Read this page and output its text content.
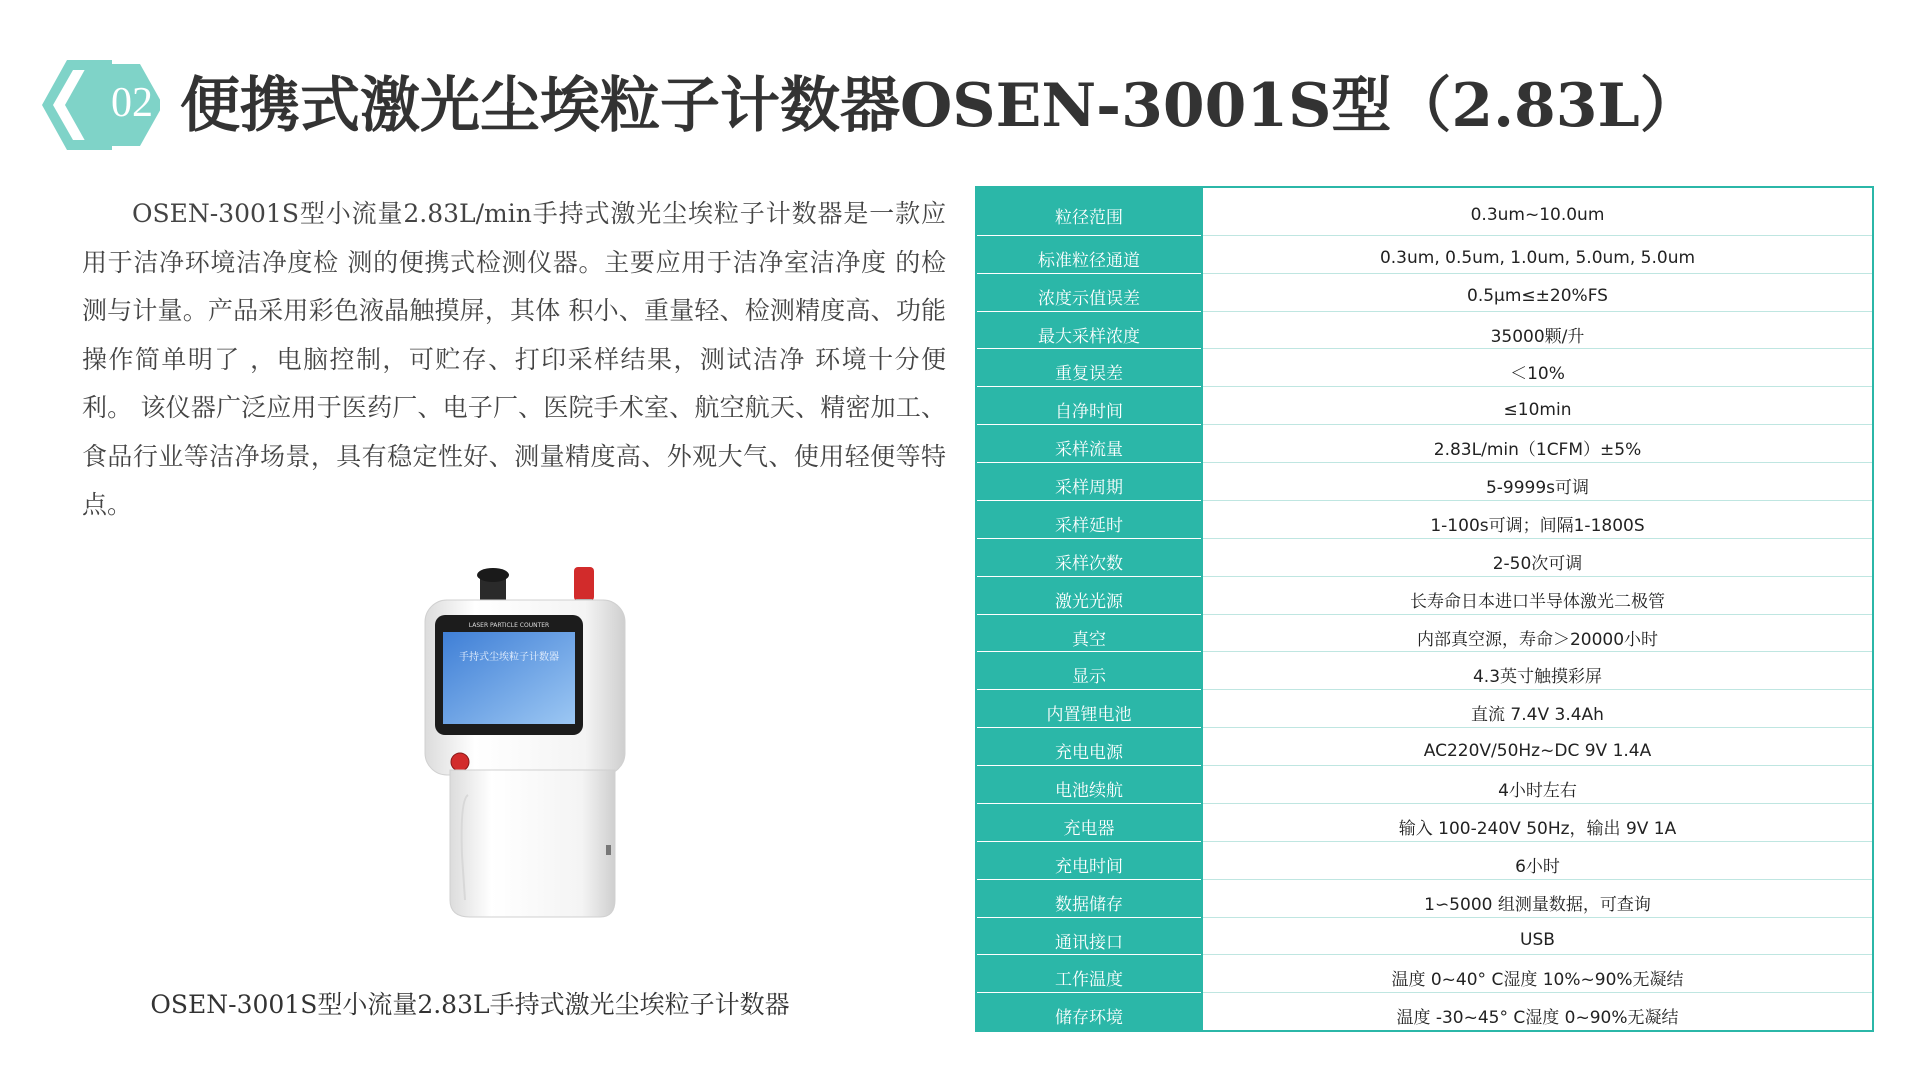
02 便携式激光尘埃粒子计数器OSEN-3001S型（2.83L）

OSEN-3001S型小流量2.83L/min手持式激光尘埃粒子计数器是一款应用于洁净环境洁净度检 测的便携式检测仪器。主要应用于洁净室洁净度 的检测与计量。产品采用彩色液晶触摸屏，其体 积小、重量轻、检测精度高、功能操作简单明了 ，电脑控制，可贮存、打印采样结果，测试洁净 环境十分便利。 该仪器广泛应用于医药厂、电子厂、医院手术室、航空航天、精密加工、食品行业等洁净场景，具有稳定性好、测量精度高、外观大气、使用轻便等特点。

LASER PARTICLE COUNTER
手持式尘埃粒子计数器
OSEN-3001S型小流量2.83L手持式激光尘埃粒子计数器
粒径范围	0.3um~10.0um
标准粒径通道	0.3um, 0.5um, 1.0um, 5.0um, 5.0um
浓度示值误差	0.5μm≤±20%FS
最大采样浓度	35000颗/升
重复误差	＜10%
自净时间	≤10min
采样流量	2.83L/min（1CFM）±5%
采样周期	5-9999s可调
采样延时	1-100s可调；间隔1-1800S
采样次数	2-50次可调
激光光源	长寿命日本进口半导体激光二极管
真空	内部真空源，寿命＞20000小时
显示	4.3英寸触摸彩屏
内置锂电池	直流 7.4V 3.4Ah
充电电源	AC220V/50Hz~DC 9V 1.4A
电池续航	4小时左右
充电器	输入 100-240V 50Hz，输出 9V 1A
充电时间	6小时
数据储存	1∽5000 组测量数据，可查询
通讯接口	USB
工作温度	温度 0~40° C湿度 10%~90%无凝结
储存环境	温度 -30~45° C湿度 0~90%无凝结
